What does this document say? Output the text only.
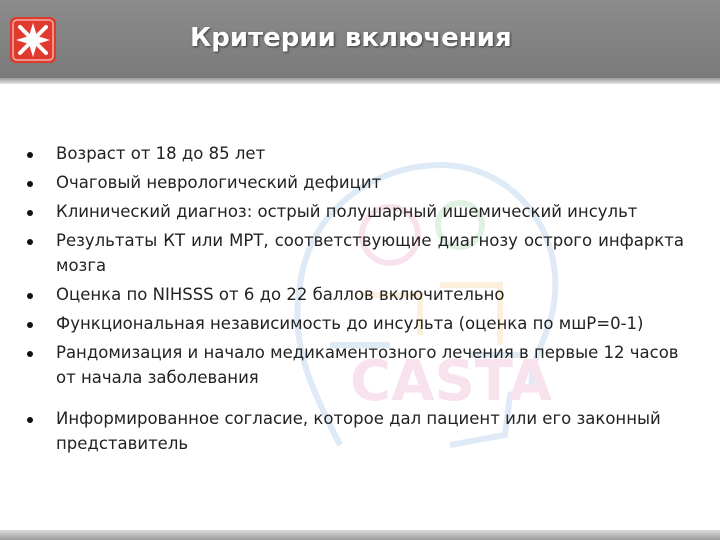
Критерии включения
CASTA
Возраст от 18 до 85 лет
Очаговый неврологический дефицит
Клинический диагноз: острый полушарный ишемический инсульт
Результаты КТ или МРТ, соответствующие диагнозу острого инфаркта мозга
Оценка по NIHSSS от 6 до 22 баллов включительно
Функциональная независимость до инсульта (оценка по мшР=0-1)
Рандомизация и начало медикаментозного лечения в первые 12 часов от начала заболевания
Информированное согласие, которое дал пациент или его законный представитель
